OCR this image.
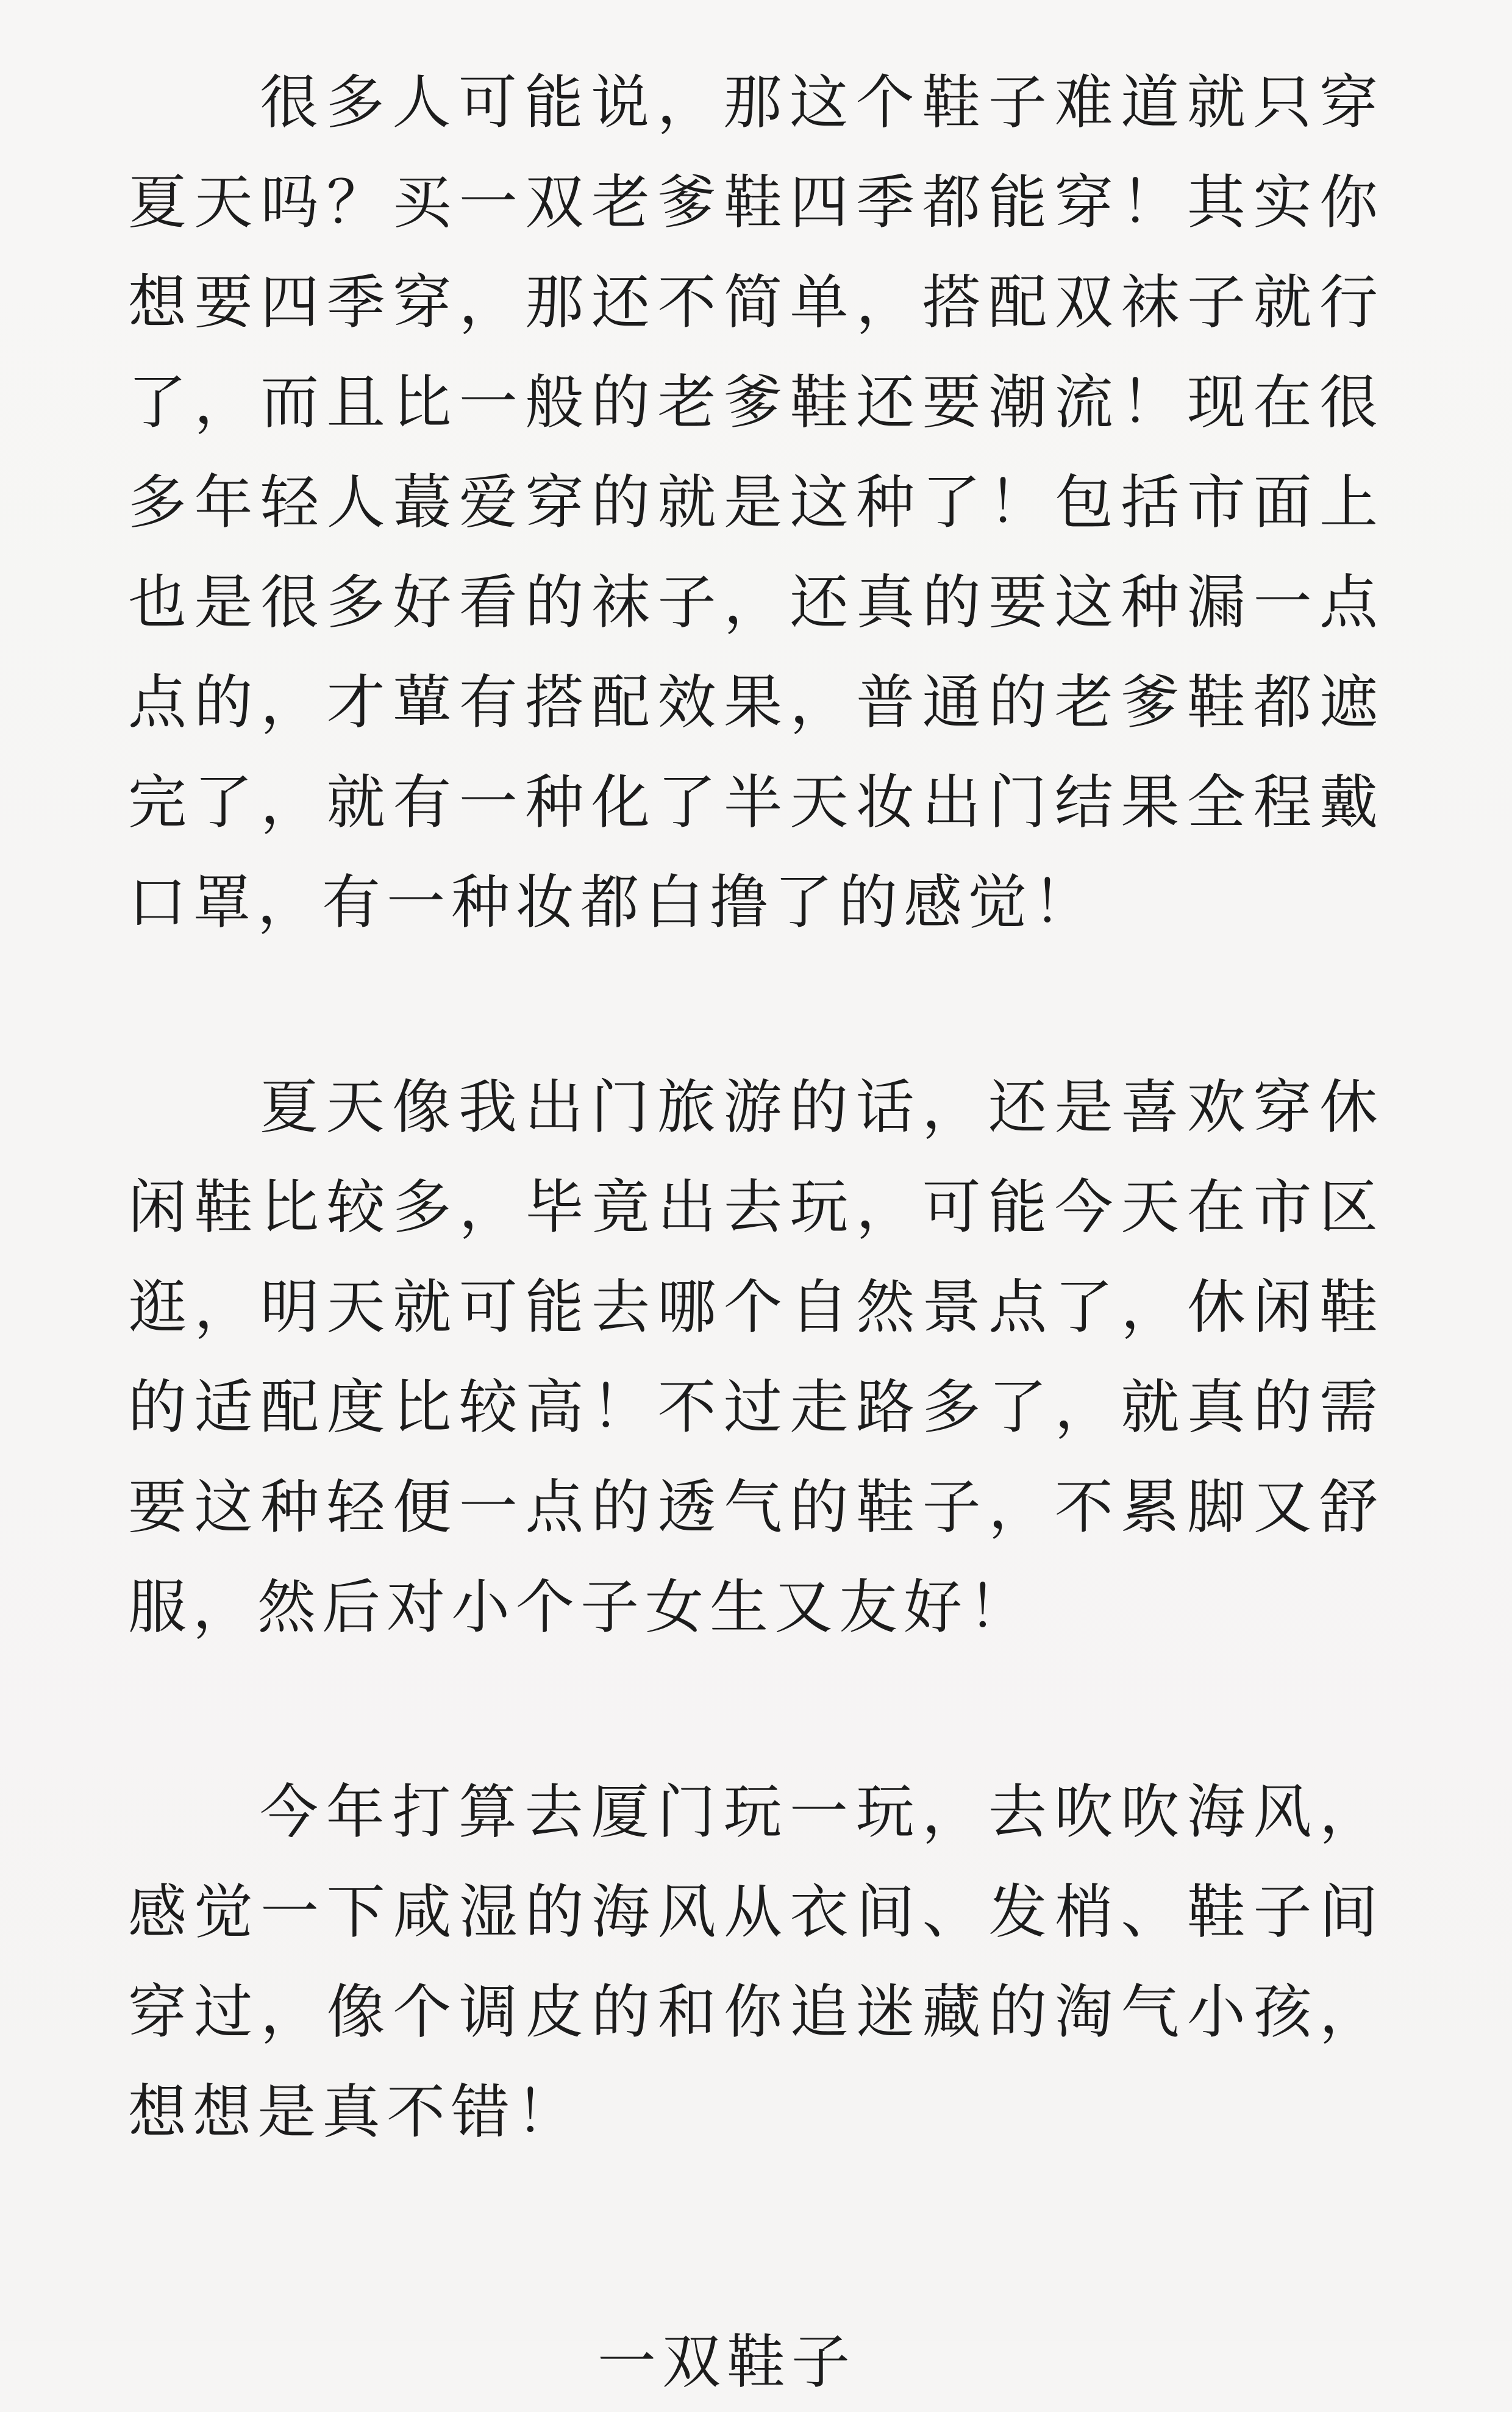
很多人可能说，那这个鞋子难道就只穿夏天吗？买一双老爹鞋四季都能穿！其实你想要四季穿，那还不简单，搭配双袜子就行了，而且比一般的老爹鞋还要潮流！现在很多年轻人蕞爱穿的就是这种了！包括市面上也是很多好看的袜子，还真的要这种漏一点点的，才蕇有搭配效果，普通的老爹鞋都遮完了，就有一种化了半天妆出门结果全程戴口罩，有一种妆都白撸了的感觉！

夏天像我出门旅游的话，还是喜欢穿休闲鞋比较多，毕竟出去玩，可能今天在市区逛，明天就可能去哪个自然景点了，休闲鞋的适配度比较高！不过走路多了，就真的需要这种轻便一点的透气的鞋子，不累脚又舒服，然后对小个子女生又友好！

今年打算去厦门玩一玩，去吹吹海风，感觉一下咸湿的海风从衣间、发梢、鞋子间穿过，像个调皮的和你追迷藏的淘气小孩，想想是真不错！

一双鞋子
